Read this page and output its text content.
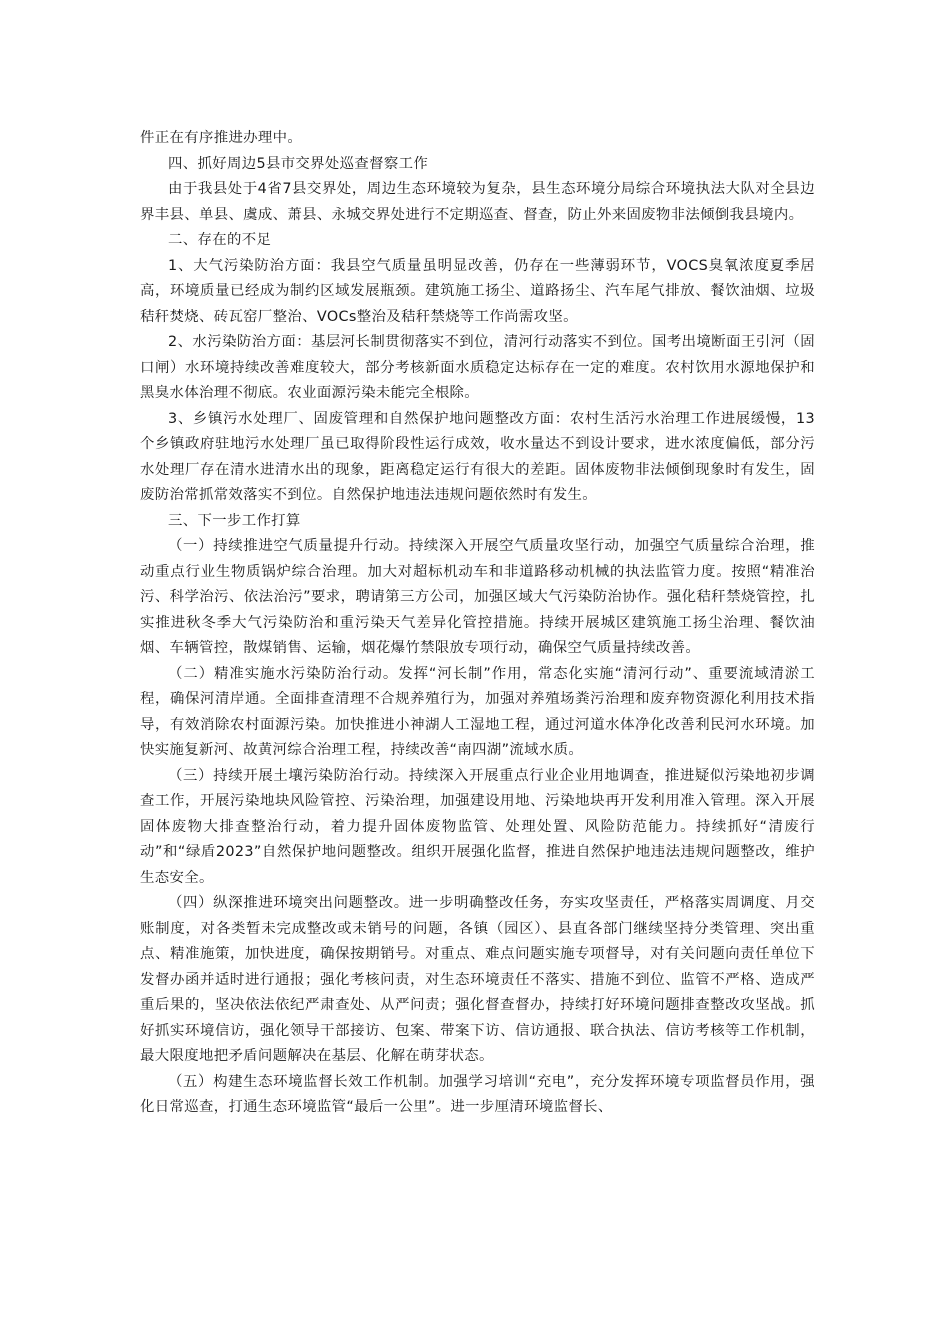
件正在有序推进办理中。

四、抓好周边5县市交界处巡查督察工作

由于我县处于4省7县交界处，周边生态环境较为复杂，县生态环境分局综合环境执法大队对全县边界丰县、单县、虞成、萧县、永城交界处进行不定期巡查、督查，防止外来固废物非法倾倒我县境内。

二、存在的不足

1、大气污染防治方面：我县空气质量虽明显改善，仍存在一些薄弱环节，VOCS臭氧浓度夏季居高，环境质量已经成为制约区域发展瓶颈。建筑施工扬尘、道路扬尘、汽车尾气排放、餐饮油烟、垃圾秸秆焚烧、砖瓦窑厂整治、VOCs整治及秸秆禁烧等工作尚需攻坚。

2、水污染防治方面：基层河长制贯彻落实不到位，清河行动落实不到位。国考出境断面王引河（固口闸）水环境持续改善难度较大，部分考核新面水质稳定达标存在一定的难度。农村饮用水源地保护和黑臭水体治理不彻底。农业面源污染未能完全根除。

3、乡镇污水处理厂、固废管理和自然保护地问题整改方面：农村生活污水治理工作进展缓慢，13个乡镇政府驻地污水处理厂虽已取得阶段性运行成效，收水量达不到设计要求，进水浓度偏低，部分污水处理厂存在清水进清水出的现象，距离稳定运行有很大的差距。固体废物非法倾倒现象时有发生，固废防治常抓常效落实不到位。自然保护地违法违规问题依然时有发生。

三、下一步工作打算

（一）持续推进空气质量提升行动。持续深入开展空气质量攻坚行动，加强空气质量综合治理，推动重点行业生物质锅炉综合治理。加大对超标机动车和非道路移动机械的执法监管力度。按照“精准治污、科学治污、依法治污”要求，聘请第三方公司，加强区域大气污染防治协作。强化秸秆禁烧管控，扎实推进秋冬季大气污染防治和重污染天气差异化管控措施。持续开展城区建筑施工扬尘治理、餐饮油烟、车辆管控，散煤销售、运输，烟花爆竹禁限放专项行动，确保空气质量持续改善。

（二）精准实施水污染防治行动。发挥“河长制”作用，常态化实施“清河行动”、重要流域清淤工程，确保河清岸通。全面排查清理不合规养殖行为，加强对养殖场粪污治理和废弃物资源化利用技术指导，有效消除农村面源污染。加快推进小神湖人工湿地工程，通过河道水体净化改善利民河水环境。加快实施复新河、故黄河综合治理工程，持续改善“南四湖”流域水质。

（三）持续开展土壤污染防治行动。持续深入开展重点行业企业用地调查，推进疑似污染地初步调查工作，开展污染地块风险管控、污染治理，加强建设用地、污染地块再开发利用准入管理。深入开展固体废物大排查整治行动，着力提升固体废物监管、处理处置、风险防范能力。持续抓好“清废行动”和“绿盾2023”自然保护地问题整改。组织开展强化监督，推进自然保护地违法违规问题整改，维护生态安全。

（四）纵深推进环境突出问题整改。进一步明确整改任务，夯实攻坚责任，严格落实周调度、月交账制度，对各类暂未完成整改或未销号的问题，各镇（园区）、县直各部门继续坚持分类管理、突出重点、精准施策，加快进度，确保按期销号。对重点、难点问题实施专项督导，对有关问题向责任单位下发督办函并适时进行通报；强化考核问责，对生态环境责任不落实、措施不到位、监管不严格、造成严重后果的，坚决依法依纪严肃查处、从严问责；强化督查督办，持续打好环境问题排查整改攻坚战。抓好抓实环境信访，强化领导干部接访、包案、带案下访、信访通报、联合执法、信访考核等工作机制，最大限度地把矛盾问题解决在基层、化解在萌芽状态。

（五）构建生态环境监督长效工作机制。加强学习培训“充电”，充分发挥环境专项监督员作用，强化日常巡查，打通生态环境监管“最后一公里”。进一步厘清环境监督长、
